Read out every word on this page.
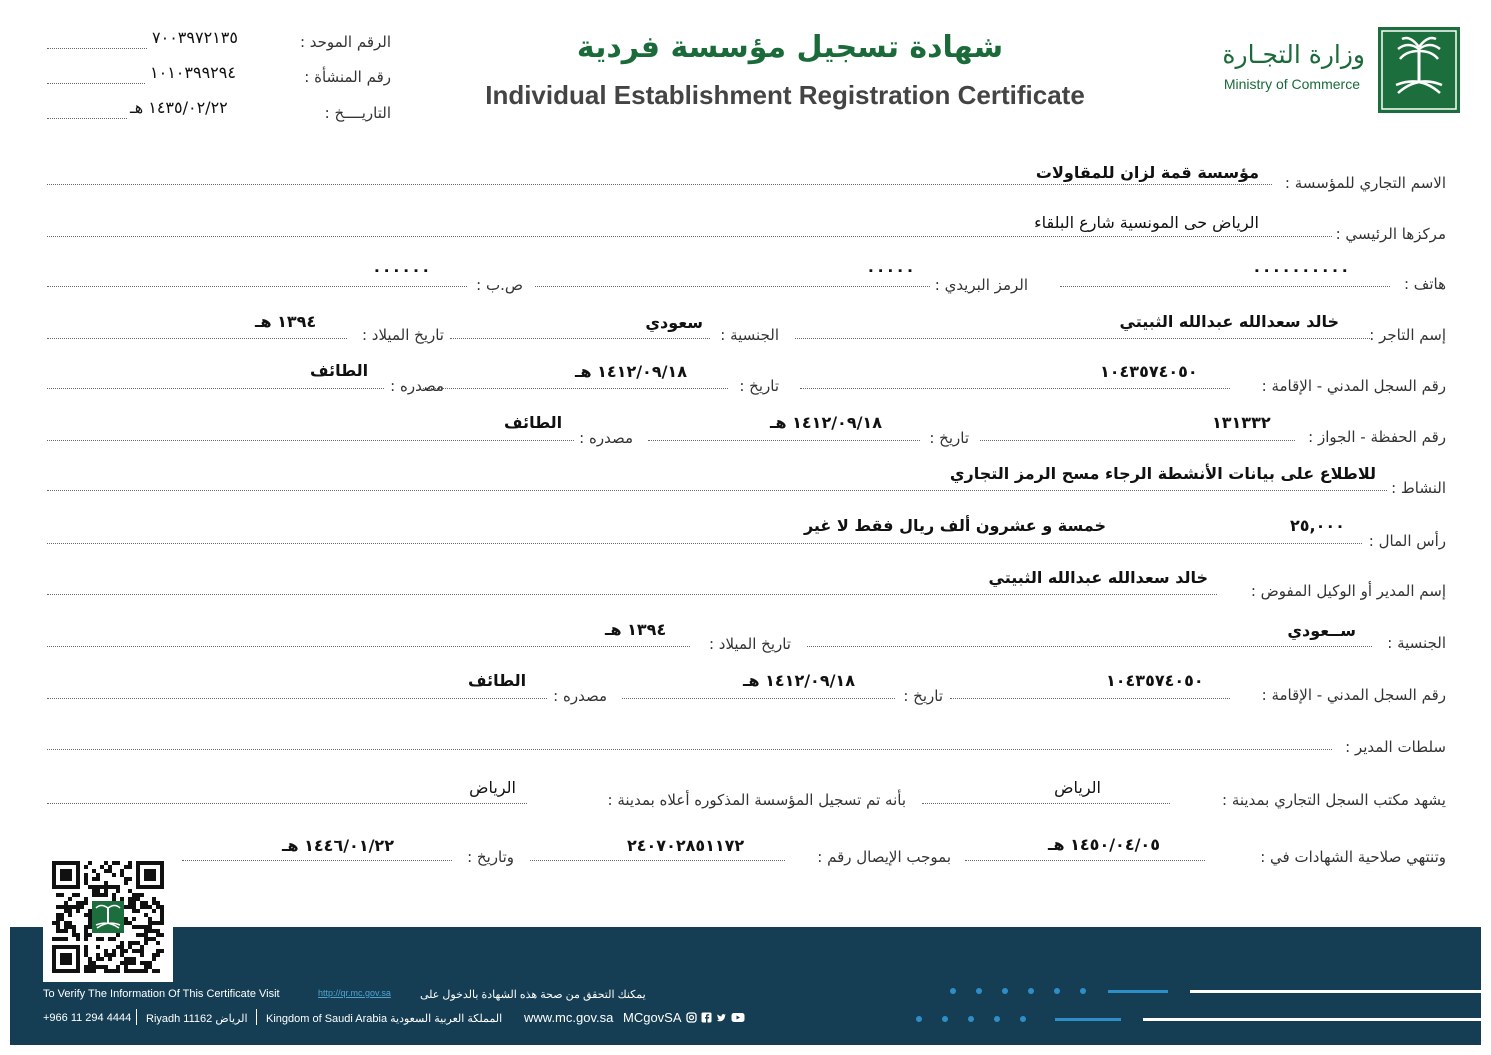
وزارة التجـارة
Ministry of Commerce
شهادة تسجيل مؤسسة فردية
Individual Establishment Registration Certificate
الرقم الموحد :
٧٠٠٣٩٧٢١٣٥
رقم المنشأة :
١٠١٠٣٩٩٢٩٤
التاريــــخ :
١٤٣٥/٠٢/٢٢ هـ
الاسم التجاري للمؤسسة :
مؤسسة قمة لزان للمقاولات
مركزها الرئيسي :
الرياض حى المونسية شارع البلقاء
هاتف :
٠٠٠٠٠٠٠٠٠٠
الرمز البريدي :
٠٠٠٠٠
ص.ب :
٠٠٠٠٠٠
إسم التاجر :
خالد سعدالله عبدالله الثبيتي
الجنسية :
سعودي
تاريخ الميلاد :
١٣٩٤ هـ
رقم السجل المدني - الإقامة :
١٠٤٣٥٧٤٠٥٠
تاريخ :
١٤١٢/٠٩/١٨ هـ
مصدره :
الطائف
رقم الحفظة - الجواز :
١٣١٣٣٢
تاريخ :
١٤١٢/٠٩/١٨ هـ
مصدره :
الطائف
النشاط :
للاطلاع على بيانات الأنشطة الرجاء مسح الرمز التجاري
رأس المال :
٢٥,٠٠٠
خمسة و عشرون ألف ريال فقط لا غير
إسم المدير أو الوكيل المفوض :
خالد سعدالله عبدالله الثبيتي
الجنسية :
ســعودي
تاريخ الميلاد :
١٣٩٤ هـ
رقم السجل المدني - الإقامة :
١٠٤٣٥٧٤٠٥٠
تاريخ :
١٤١٢/٠٩/١٨ هـ
مصدره :
الطائف
سلطات المدير :
يشهد مكتب السجل التجاري بمدينة :
الرياض
بأنه تم تسجيل المؤسسة المذكوره أعلاه بمدينة :
الرياض
وتنتهي صلاحية الشهادات في :
١٤٥٠/٠٤/٠٥ هـ
بموجب الإيصال رقم :
٢٤٠٧٠٢٨٥١١٧٢
وتاريخ :
١٤٤٦/٠١/٢٢ هـ
To Verify The Information Of This Certificate Visit	http://qr.mc.gov.sa	يمكنك التحقق من صحة هذه الشهادة بالدخول على
+966 11 294 4444 Riyadh 11162 الرياض Kingdom of Saudi Arabia المملكة العربية السعودية www.mc.gov.sa MCgovSA
